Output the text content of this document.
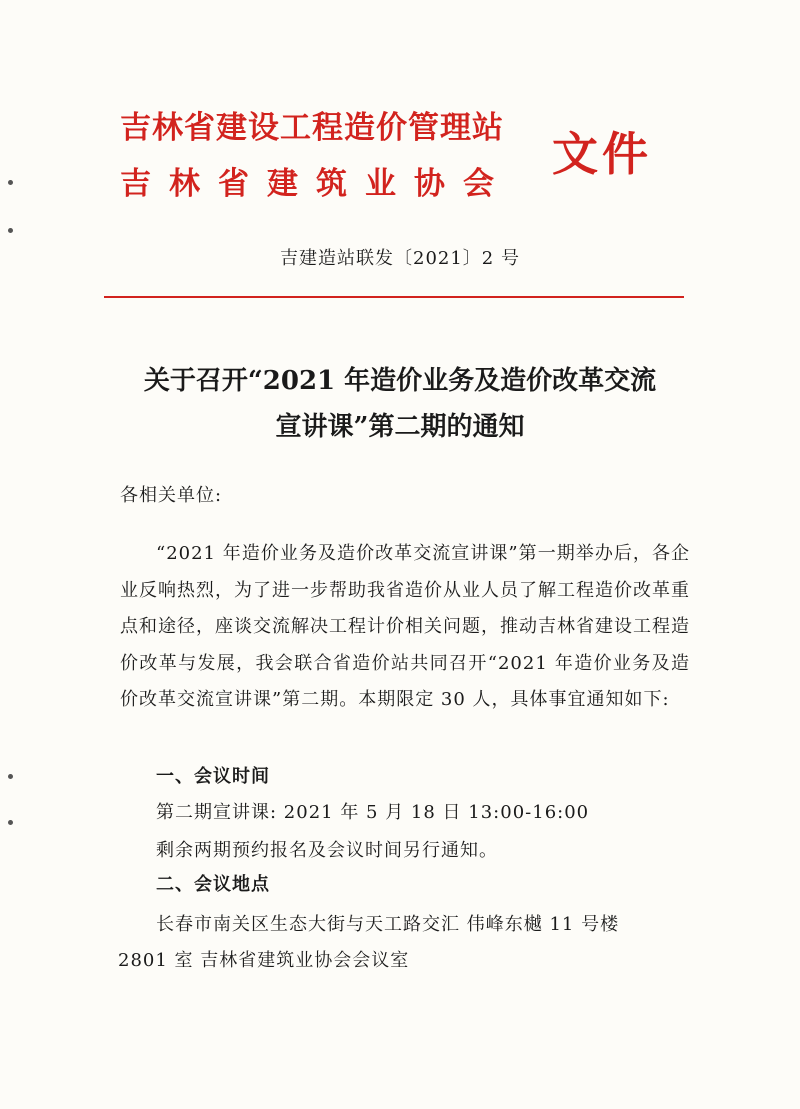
吉林省建设工程造价管理站
吉林省建筑业协会
文件
吉建造站联发〔2021〕2 号
关于召开“2021 年造价业务及造价改革交流
宣讲课”第二期的通知
各相关单位:
“2021 年造价业务及造价改革交流宣讲课”第一期举办后，各企业反响热烈，为了进一步帮助我省造价从业人员了解工程造价改革重点和途径，座谈交流解决工程计价相关问题，推动吉林省建设工程造价改革与发展，我会联合省造价站共同召开“2021 年造价业务及造价改革交流宣讲课”第二期。本期限定 30 人，具体事宜通知如下:
一、会议时间
第二期宣讲课: 2021 年 5 月 18 日 13:00-16:00
剩余两期预约报名及会议时间另行通知。
二、会议地点
长春市南关区生态大街与天工路交汇 伟峰东樾 11 号楼
2801 室 吉林省建筑业协会会议室
